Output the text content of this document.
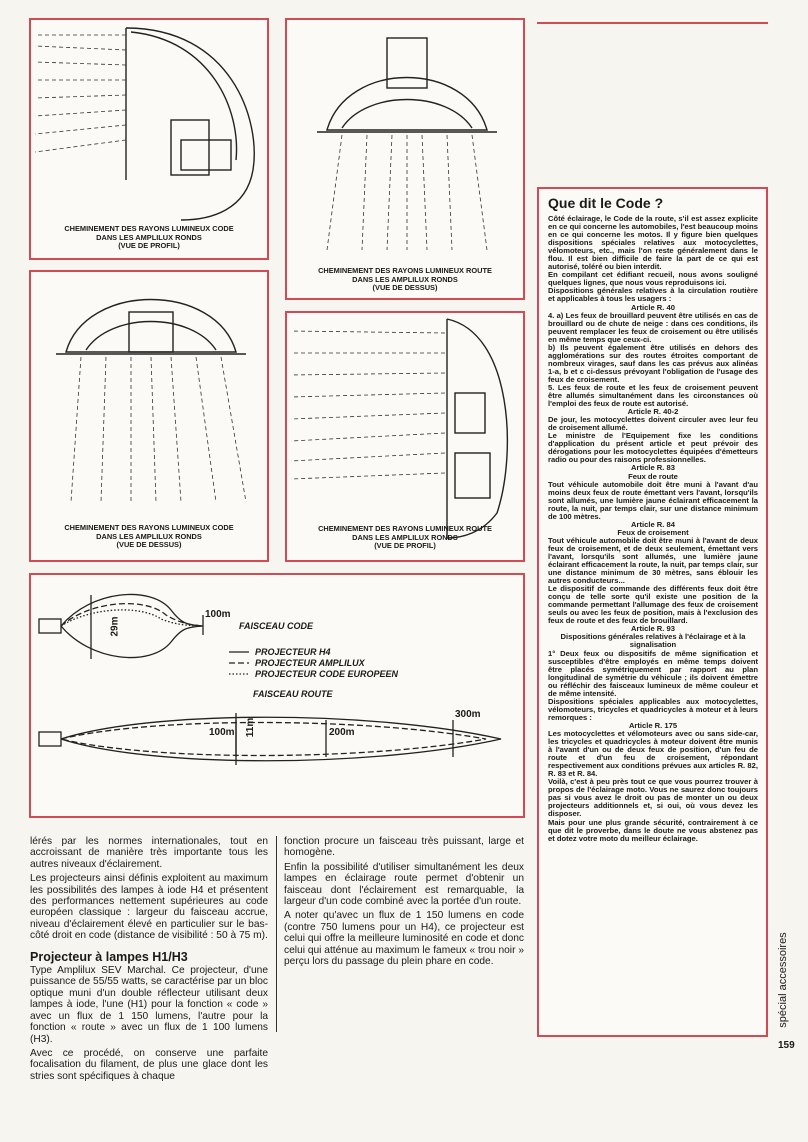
CHEMINEMENT DES RAYONS LUMINEUX CODE
DANS LES AMPLILUX RONDS
(VUE DE PROFIL)
CHEMINEMENT DES RAYONS LUMINEUX ROUTE
DANS LES AMPLILUX RONDS
(VUE DE DESSUS)
CHEMINEMENT DES RAYONS LUMINEUX CODE
DANS LES AMPLILUX RONDS
(VUE DE DESSUS)
CHEMINEMENT DES RAYONS LUMINEUX ROUTE
DANS LES AMPLILUX RONDS
(VUE DE PROFIL)
29m
100m
FAISCEAU CODE
PROJECTEUR H4
PROJECTEUR AMPLILUX
PROJECTEUR CODE EUROPEEN
FAISCEAU ROUTE
11m
100m	200m
300m

lérés par les normes internationales, tout en accroissant de manière très importante tous les autres niveaux d'éclairement.

Les projecteurs ainsi définis exploitent au maximum les possibilités des lampes à iode H4 et présentent des performances nettement supérieures au code européen classique : largeur du faisceau accrue, niveau d'éclairement élevé en particulier sur le bas-côté droit en code (distance de visibilité : 50 à 75 m).

Projecteur à lampes H1/H3

Type Amplilux SEV Marchal. Ce projecteur, d'une puissance de 55/55 watts, se caractérise par un bloc optique muni d'un double réflecteur utilisant deux lampes à iode, l'une (H1) pour la fonction « code » avec un flux de 1 150 lumens, l'autre pour la fonction « route » avec un flux de 1 100 lumens (H3).

Avec ce procédé, on conserve une parfaite focalisation du filament, de plus une glace dont les stries sont spécifiques à chaque

fonction procure un faisceau très puissant, large et homogène.

Enfin la possibilité d'utiliser simultanément les deux lampes en éclairage route permet d'obtenir un faisceau dont l'éclairement est remarquable, la largeur d'un code combiné avec la portée d'un route.

A noter qu'avec un flux de 1 150 lumens en code (contre 750 lumens pour un H4), ce projecteur est celui qui offre la meilleure luminosité en code et donc celui qui atténue au maximum le fameux « trou noir » perçu lors du passage du plein phare en code.

Que dit le Code ?

Côté éclairage, le Code de la route, s'il est assez explicite en ce qui concerne les automobiles, l'est beaucoup moins en ce qui concerne les motos. Il y figure bien quelques dispositions spéciales relatives aux motocyclettes, vélomoteurs, etc., mais l'on reste généralement dans le flou. Il est bien difficile de faire la part de ce qui est autorisé, toléré ou bien interdit.

En compilant cet édifiant recueil, nous avons souligné quelques lignes, que nous vous reproduisons ici.

Dispositions générales relatives à la circulation routière et applicables à tous les usagers :

Article R. 40

4. a) Les feux de brouillard peuvent être utilisés en cas de brouillard ou de chute de neige : dans ces conditions, ils peuvent remplacer les feux de croisement ou être utilisés en même temps que ceux-ci.

b) Ils peuvent également être utilisés en dehors des agglomérations sur des routes étroites comportant de nombreux virages, sauf dans les cas prévus aux alinéas 1-a, b et c ci-dessus prévoyant l'obligation de l'usage des feux de croisement.

5. Les feux de route et les feux de croisement peuvent être allumés simultanément dans les circonstances où l'emploi des feux de route est autorisé.

Article R. 40-2

De jour, les motocyclettes doivent circuler avec leur feu de croisement allumé.

Le ministre de l'Equipement fixe les conditions d'application du présent article et peut prévoir des dérogations pour les motocyclettes équipées d'émetteurs radio ou pour des raisons professionnelles.

Article R. 83

Feux de route

Tout véhicule automobile doit être muni à l'avant d'au moins deux feux de route émettant vers l'avant, lorsqu'ils sont allumés, une lumière jaune éclairant efficacement la route, la nuit, par temps clair, sur une distance minimum de 100 mètres.

Article R. 84

Feux de croisement

Tout véhicule automobile doit être muni à l'avant de deux feux de croisement, et de deux seulement, émettant vers l'avant, lorsqu'ils sont allumés, une lumière jaune éclairant efficacement la route, la nuit, par temps clair, sur une distance minimum de 30 mètres, sans éblouir les autres conducteurs...

Le dispositif de commande des différents feux doit être conçu de telle sorte qu'il existe une position de la commande permettant l'allumage des feux de croisement seuls ou avec les feux de position, mais à l'exclusion des feux de route et des feux de brouillard.

Article R. 93

Dispositions générales relatives à l'éclairage et à la signalisation

1° Deux feux ou dispositifs de même signification et susceptibles d'être employés en même temps doivent être placés symétriquement par rapport au plan longitudinal de symétrie du véhicule ; ils doivent émettre ou réfléchir des faisceaux lumineux de même couleur et de même intensité.

Dispositions spéciales applicables aux motocyclettes, vélomoteurs, tricycles et quadricycles à moteur et à leurs remorques :

Article R. 175

Les motocyclettes et vélomoteurs avec ou sans side-car, les tricycles et quadricycles à moteur doivent être munis à l'avant d'un ou de deux feux de position, d'un feu de route et d'un feu de croisement, répondant respectivement aux conditions prévues aux articles R. 82, R. 83 et R. 84.

Voilà, c'est à peu près tout ce que vous pourrez trouver à propos de l'éclairage moto. Vous ne saurez donc toujours pas si vous avez le droit ou pas de monter un ou deux projecteurs additionnels et, si oui, où vous devez les disposer.

Mais pour une plus grande sécurité, contrairement à ce que dit le proverbe, dans le doute ne vous abstenez pas et dotez votre moto du meilleur éclairage.

spécial accessoires
159
